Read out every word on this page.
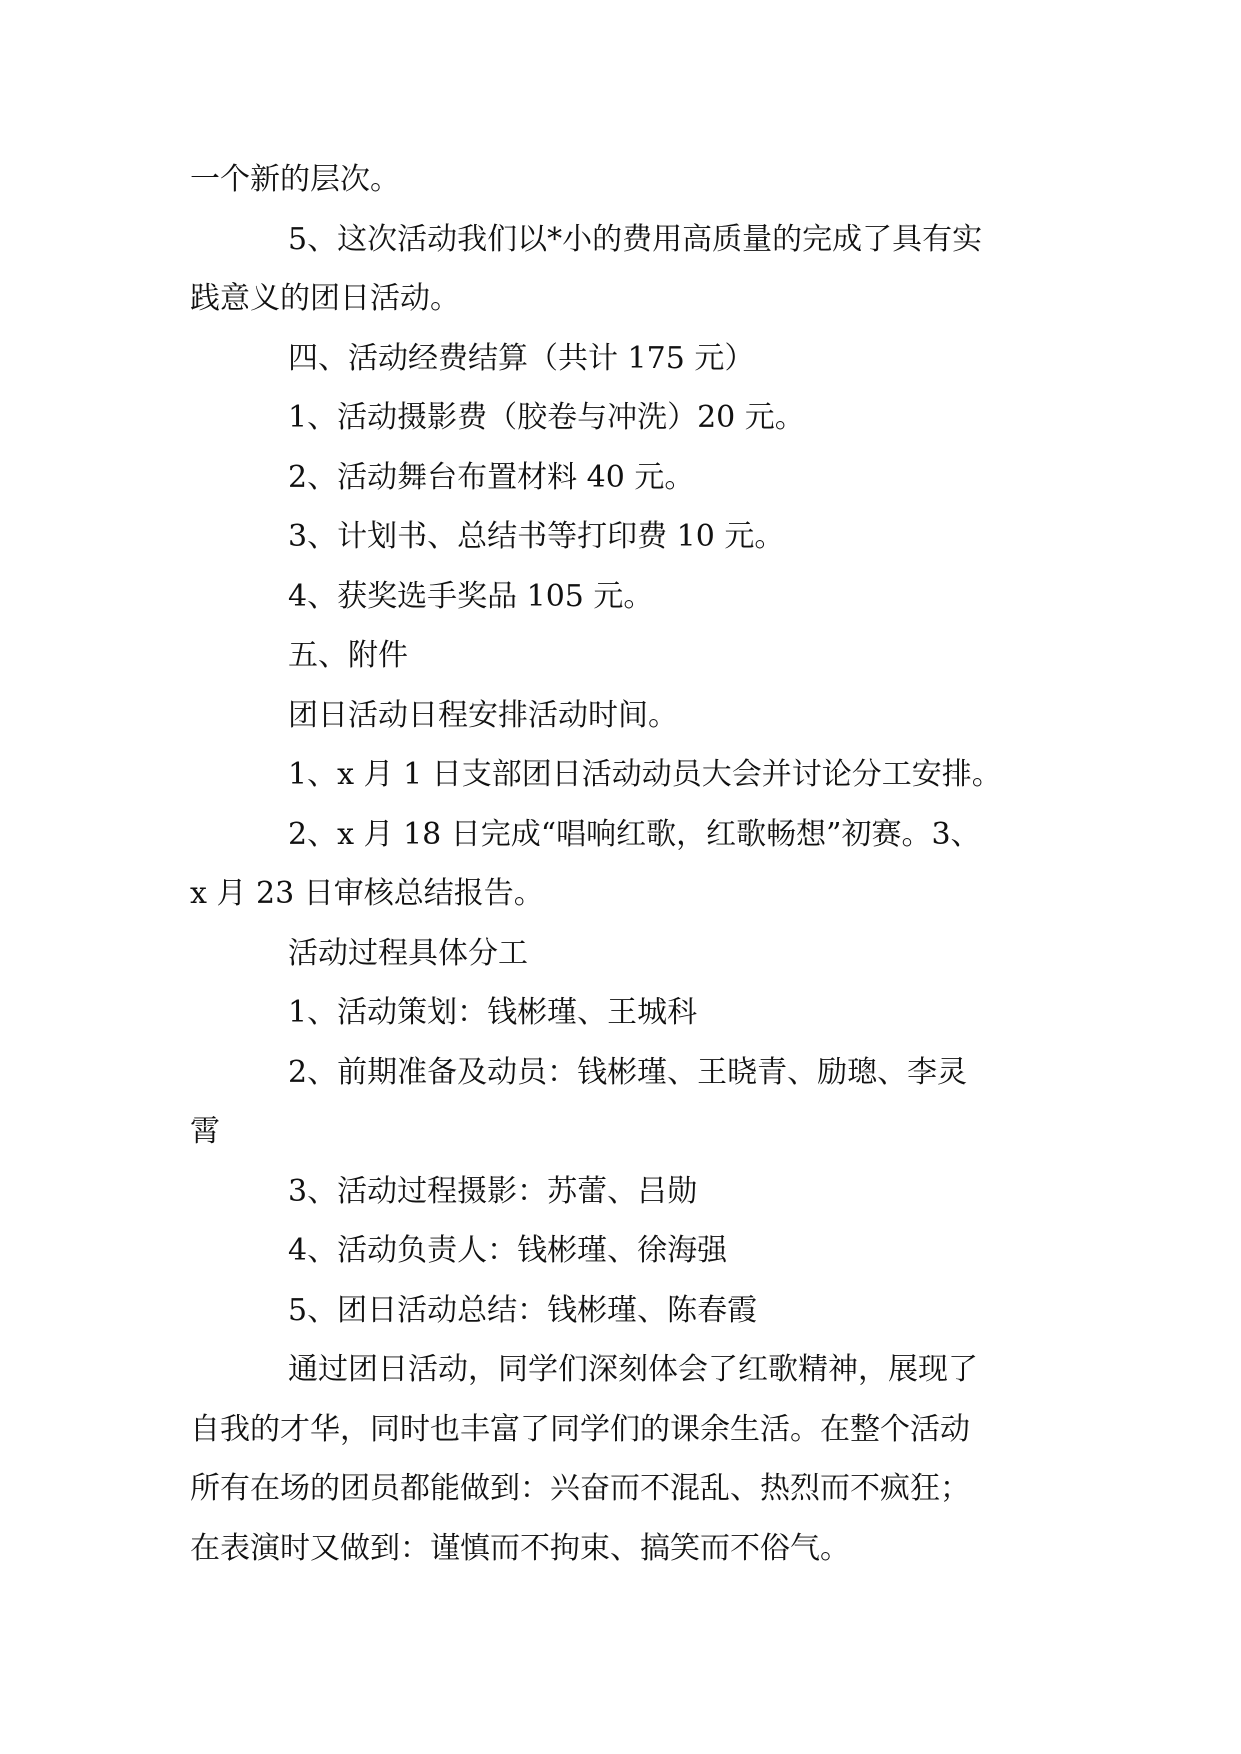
一个新的层次。

5、这次活动我们以*小的费用高质量的完成了具有实

践意义的团日活动。

四、活动经费结算（共计 175 元）

1、活动摄影费（胶卷与冲洗）20 元。

2、活动舞台布置材料 40 元。

3、计划书、总结书等打印费 10 元。

4、获奖选手奖品 105 元。

五、附件

团日活动日程安排活动时间。

1、x 月 1 日支部团日活动动员大会并讨论分工安排。

2、x 月 18 日完成“唱响红歌，红歌畅想”初赛。3、

x 月 23 日审核总结报告。

活动过程具体分工

1、活动策划：钱彬瑾、王城科

2、前期准备及动员：钱彬瑾、王晓青、励璁、李灵

霄

3、活动过程摄影：苏蕾、吕勋

4、活动负责人：钱彬瑾、徐海强

5、团日活动总结：钱彬瑾、陈春霞

通过团日活动，同学们深刻体会了红歌精神，展现了

自我的才华，同时也丰富了同学们的课余生活。在整个活动

所有在场的团员都能做到：兴奋而不混乱、热烈而不疯狂；

在表演时又做到：谨慎而不拘束、搞笑而不俗气。
